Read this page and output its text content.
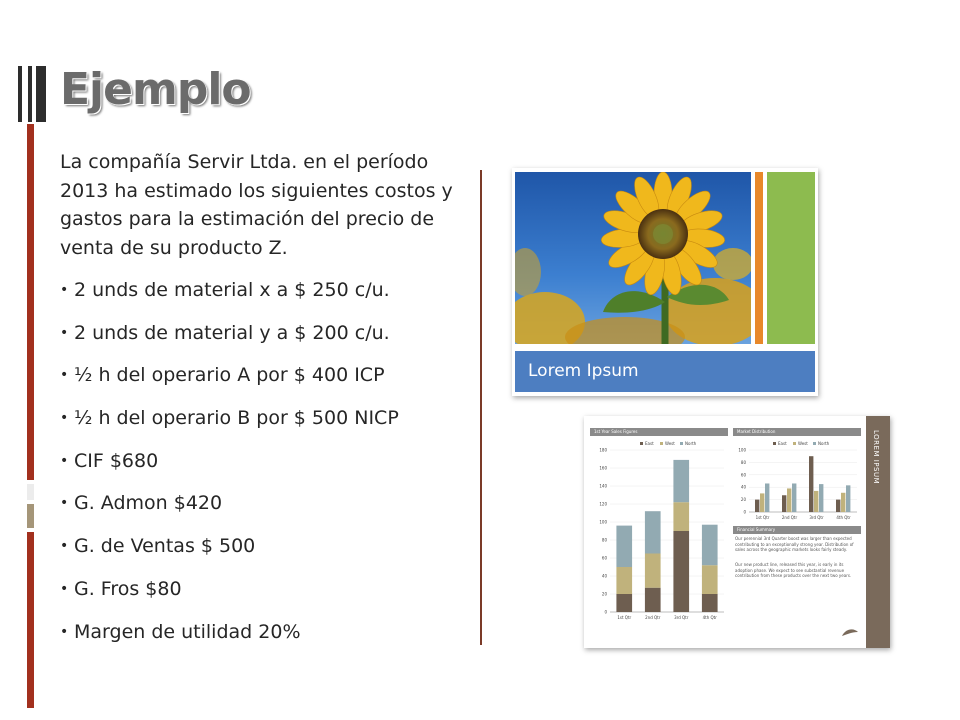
Ejemplo

La compañía Servir Ltda. en el período 2013 ha estimado los siguientes costos y gastos para la estimación del precio de venta de su producto Z.

• 2 unds de material x a $ 250 c/u.
• 2 unds de material y a $ 200 c/u.
• ½ h del operario A por $ 400 ICP
• ½ h del operario B por $ 500 NICP
• CIF $680
• G. Admon $420
• G. de Ventas $ 500
• G. Fros $80
• Margen de utilidad 20%
Lorem Ipsum
1st Year Sales Figures	Market Distribution
East	West	North
0
20
40
60
80
100
120
140
160
180
1st Qtr	2nd Qtr	3rd Qtr	4th Qtr
East	West	North
0
20
40
60
80
100
1st Qtr	2nd Qtr	3rd Qtr	4th Qtr
Financial Summary
Our perennial 3rd Quarter boost was larger than expected contributing to an exceptionally strong year. Distribution of sales across the geographic markets looks fairly steady.
Our new product line, released this year, is early in its adoption phase. We expect to see substantial revenue contribution from these products over the next two years.
LOREM IPSUM
